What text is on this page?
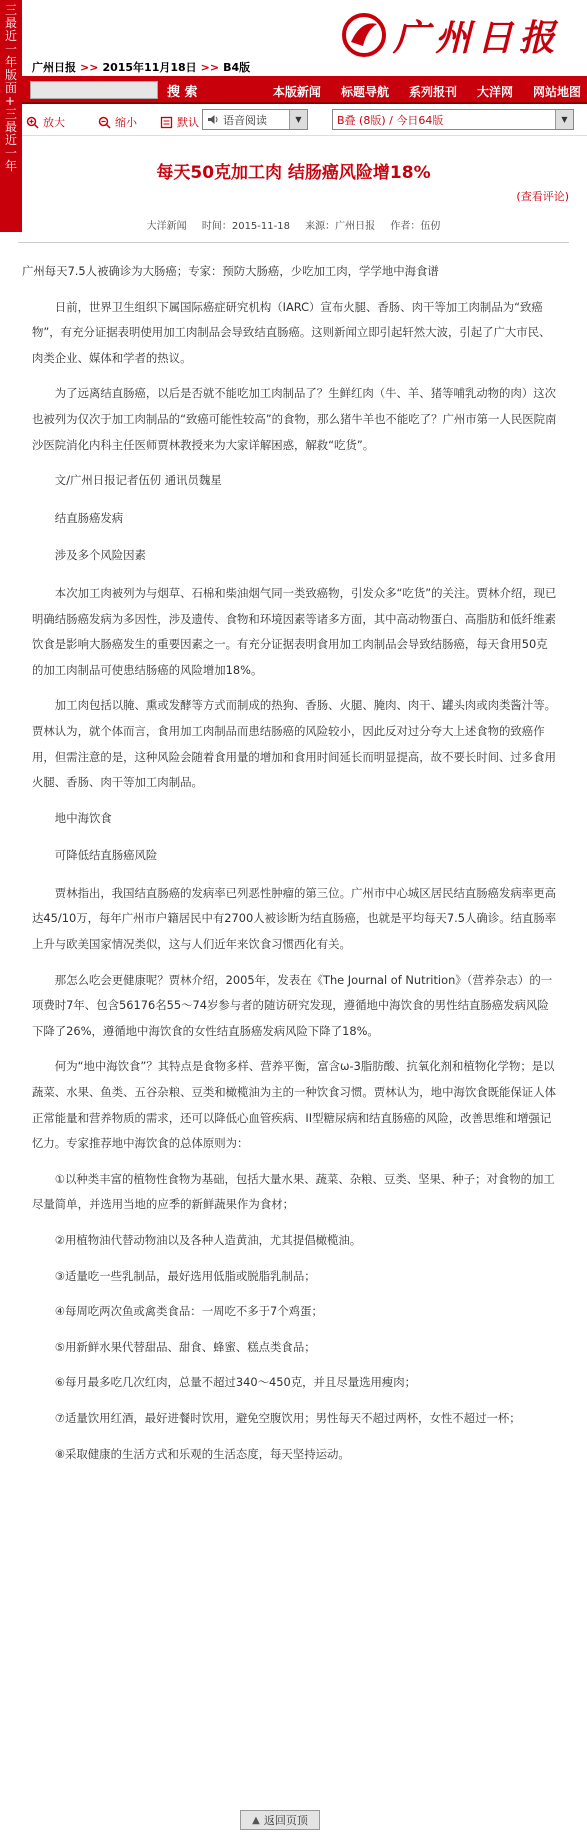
三 最 近 一 年 版 面 + 三 最 近 一 年
广州日报
广州日报 >> 2015年11月18日 >> B4版
搜 索	本版新闻 标题导航 系列报刊 大洋网 网站地图
放大	缩小	默认 语音阅读	▼	B叠 (8版) / 今日64版	▼
每天50克加工肉 结肠癌风险增18%
(查看评论)
大洋新闻 时间：2015-11-18 来源：广州日报 作者：伍仞

广州每天7.5人被确诊为大肠癌；专家：预防大肠癌，少吃加工肉，学学地中海食谱

日前，世界卫生组织下属国际癌症研究机构（IARC）宣布火腿、香肠、肉干等加工肉制品为“致癌物”，有充分证据表明使用加工肉制品会导致结直肠癌。这则新闻立即引起轩然大波，引起了广大市民、肉类企业、媒体和学者的热议。

为了远离结直肠癌，以后是否就不能吃加工肉制品了？生鲜红肉（牛、羊、猪等哺乳动物的肉）这次也被列为仅次于加工肉制品的“致癌可能性较高”的食物，那么猪牛羊也不能吃了？广州市第一人民医院南沙医院消化内科主任医师贾林教授来为大家详解困惑，解救“吃货”。

文/广州日报记者伍仞 通讯员魏星

结直肠癌发病

涉及多个风险因素

本次加工肉被列为与烟草、石棉和柴油烟气同一类致癌物，引发众多“吃货”的关注。贾林介绍，现已明确结肠癌发病为多因性，涉及遗传、食物和环境因素等诸多方面，其中高动物蛋白、高脂肪和低纤维素饮食是影响大肠癌发生的重要因素之一。有充分证据表明食用加工肉制品会导致结肠癌，每天食用50克的加工肉制品可使患结肠癌的风险增加18%。

加工肉包括以腌、熏或发酵等方式而制成的热狗、香肠、火腿、腌肉、肉干、罐头肉或肉类酱汁等。贾林认为，就个体而言，食用加工肉制品而患结肠癌的风险较小，因此反对过分夸大上述食物的致癌作用，但需注意的是，这种风险会随着食用量的增加和食用时间延长而明显提高，故不要长时间、过多食用火腿、香肠、肉干等加工肉制品。

地中海饮食

可降低结直肠癌风险

贾林指出，我国结直肠癌的发病率已列恶性肿瘤的第三位。广州市中心城区居民结直肠癌发病率更高达45/10万，每年广州市户籍居民中有2700人被诊断为结直肠癌，也就是平均每天7.5人确诊。结直肠率上升与欧美国家情况类似，这与人们近年来饮食习惯西化有关。

那怎么吃会更健康呢？贾林介绍，2005年，发表在《The Journal of Nutrition》（营养杂志）的一项费时7年、包含56176名55～74岁参与者的随访研究发现，遵循地中海饮食的男性结直肠癌发病风险下降了26%，遵循地中海饮食的女性结直肠癌发病风险下降了18%。

何为“地中海饮食”？其特点是食物多样、营养平衡，富含ω-3脂肪酸、抗氧化剂和植物化学物；是以蔬菜、水果、鱼类、五谷杂粮、豆类和橄榄油为主的一种饮食习惯。贾林认为，地中海饮食既能保证人体正常能量和营养物质的需求，还可以降低心血管疾病、II型糖尿病和结直肠癌的风险，改善思维和增强记忆力。专家推荐地中海饮食的总体原则为：

①以种类丰富的植物性食物为基础，包括大量水果、蔬菜、杂粮、豆类、坚果、种子；对食物的加工尽量简单，并选用当地的应季的新鲜蔬果作为食材；

②用植物油代替动物油以及各种人造黄油，尤其提倡橄榄油。

③适量吃一些乳制品，最好选用低脂或脱脂乳制品；

④每周吃两次鱼或禽类食品：一周吃不多于7个鸡蛋；

⑤用新鲜水果代替甜品、甜食、蜂蜜、糕点类食品；

⑥每月最多吃几次红肉，总量不超过340～450克，并且尽量选用瘦肉；

⑦适量饮用红酒，最好进餐时饮用，避免空腹饮用；男性每天不超过两杯，女性不超过一杯；

⑧采取健康的生活方式和乐观的生活态度，每天坚持运动。

▲ 返回页顶
